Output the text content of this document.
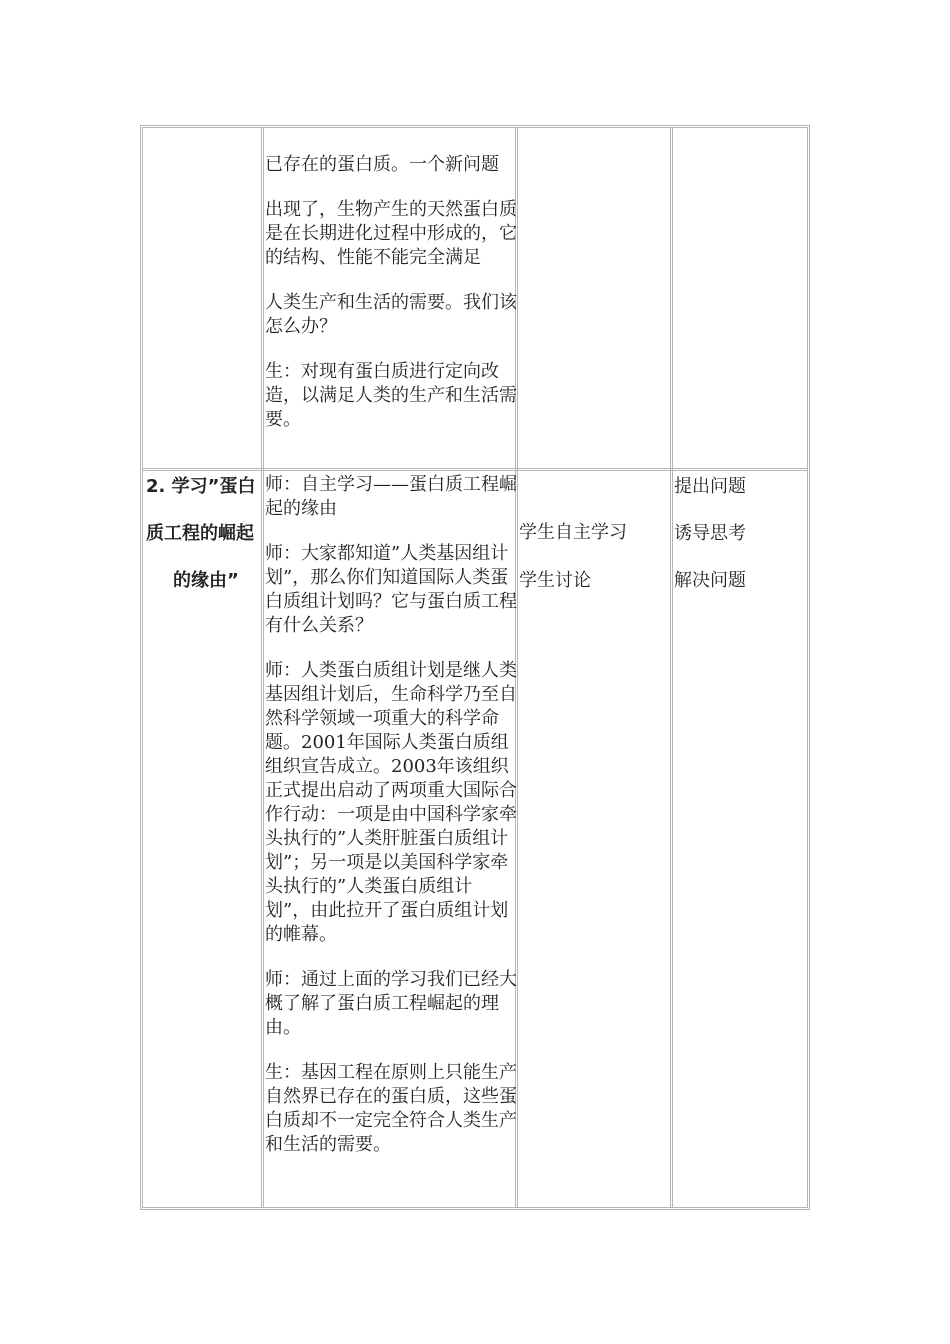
已存在的蛋白质。一个新问题

出现了，生物产生的天然蛋白质是在长期进化过程中形成的，它的结构、性能不能完全满足

人类生产和生活的需要。我们该怎么办？

生：对现有蛋白质进行定向改造，以满足人类的生产和生活需要。

2. 学习”蛋白
质工程的崛起
的缘由”

师：自主学习——蛋白质工程崛起的缘由

师：大家都知道”人类基因组计划”，那么你们知道国际人类蛋白质组计划吗？它与蛋白质工程有什么关系？

师：人类蛋白质组计划是继人类基因组计划后，生命科学乃至自然科学领域一项重大的科学命题。2001年国际人类蛋白质组组织宣告成立。2003年该组织正式提出启动了两项重大国际合作行动：一项是由中国科学家牵头执行的”人类肝脏蛋白质组计划”；另一项是以美国科学家牵头执行的”人类蛋白质组计划”，由此拉开了蛋白质组计划的帷幕。

师：通过上面的学习我们已经大概了解了蛋白质工程崛起的理由。

生：基因工程在原则上只能生产自然界已存在的蛋白质，这些蛋白质却不一定完全符合人类生产和生活的需要。

学生自主学习
学生讨论
提出问题
诱导思考
解决问题
